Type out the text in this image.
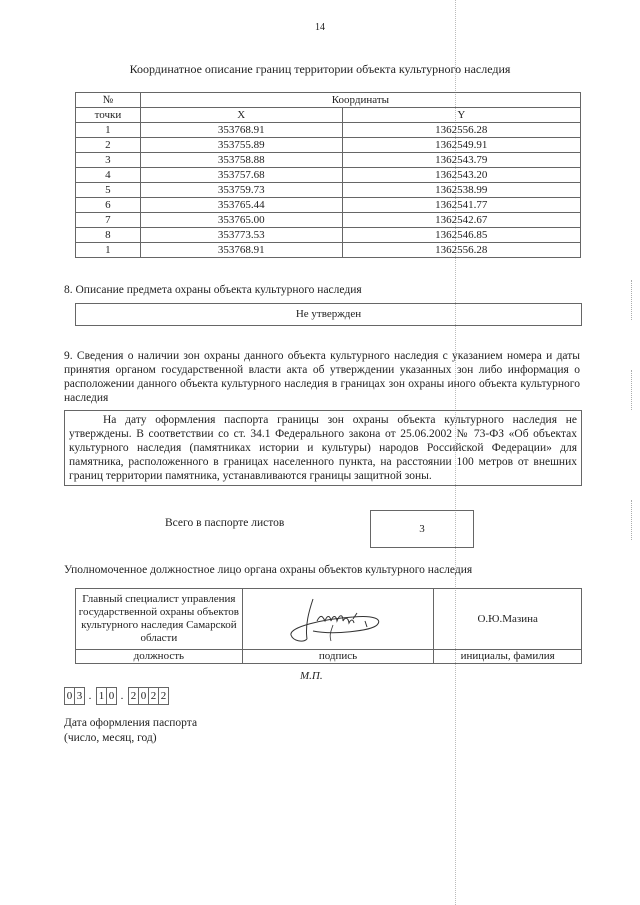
14
Координатное описание границ территории объекта культурного наследия
№	Координаты	
точки	X	Y
1	353768.91	1362556.28
2	353755.89	1362549.91
3	353758.88	1362543.79
4	353757.68	1362543.20
5	353759.73	1362538.99
6	353765.44	1362541.77
7	353765.00	1362542.67
8	353773.53	1362546.85
1	353768.91	1362556.28
8. Описание предмета охраны объекта культурного наследия
Не утвержден
9. Сведения о наличии зон охраны данного объекта культурного наследия с указанием номера и даты принятия органом государственной власти акта об утверждении указанных зон либо информация о расположении данного объекта культурного наследия в границах зон охраны иного объекта культурного наследия
На дату оформления паспорта границы зон охраны объекта культурного наследия не утверждены. В соответствии со ст. 34.1 Федерального закона от 25.06.2002 № 73-ФЗ «Об объектах культурного наследия (памятниках истории и культуры) народов Российской Федерации» для памятника, расположенного в границах населенного пункта, на расстоянии 100 метров от внешних границ территории памятника, устанавливаются границы защитной зоны.
Всего в паспорте листов	3
Уполномоченное должностное лицо органа охраны объектов культурного наследия
Главный специалист управления государственной охраны объектов культурного наследия Самарской области		О.Ю.Мазина
должность	подпись	инициалы, фамилия
М.П.
0 3 . 1 0 . 2 0 2 2
Дата оформления паспорта
(число, месяц, год)
